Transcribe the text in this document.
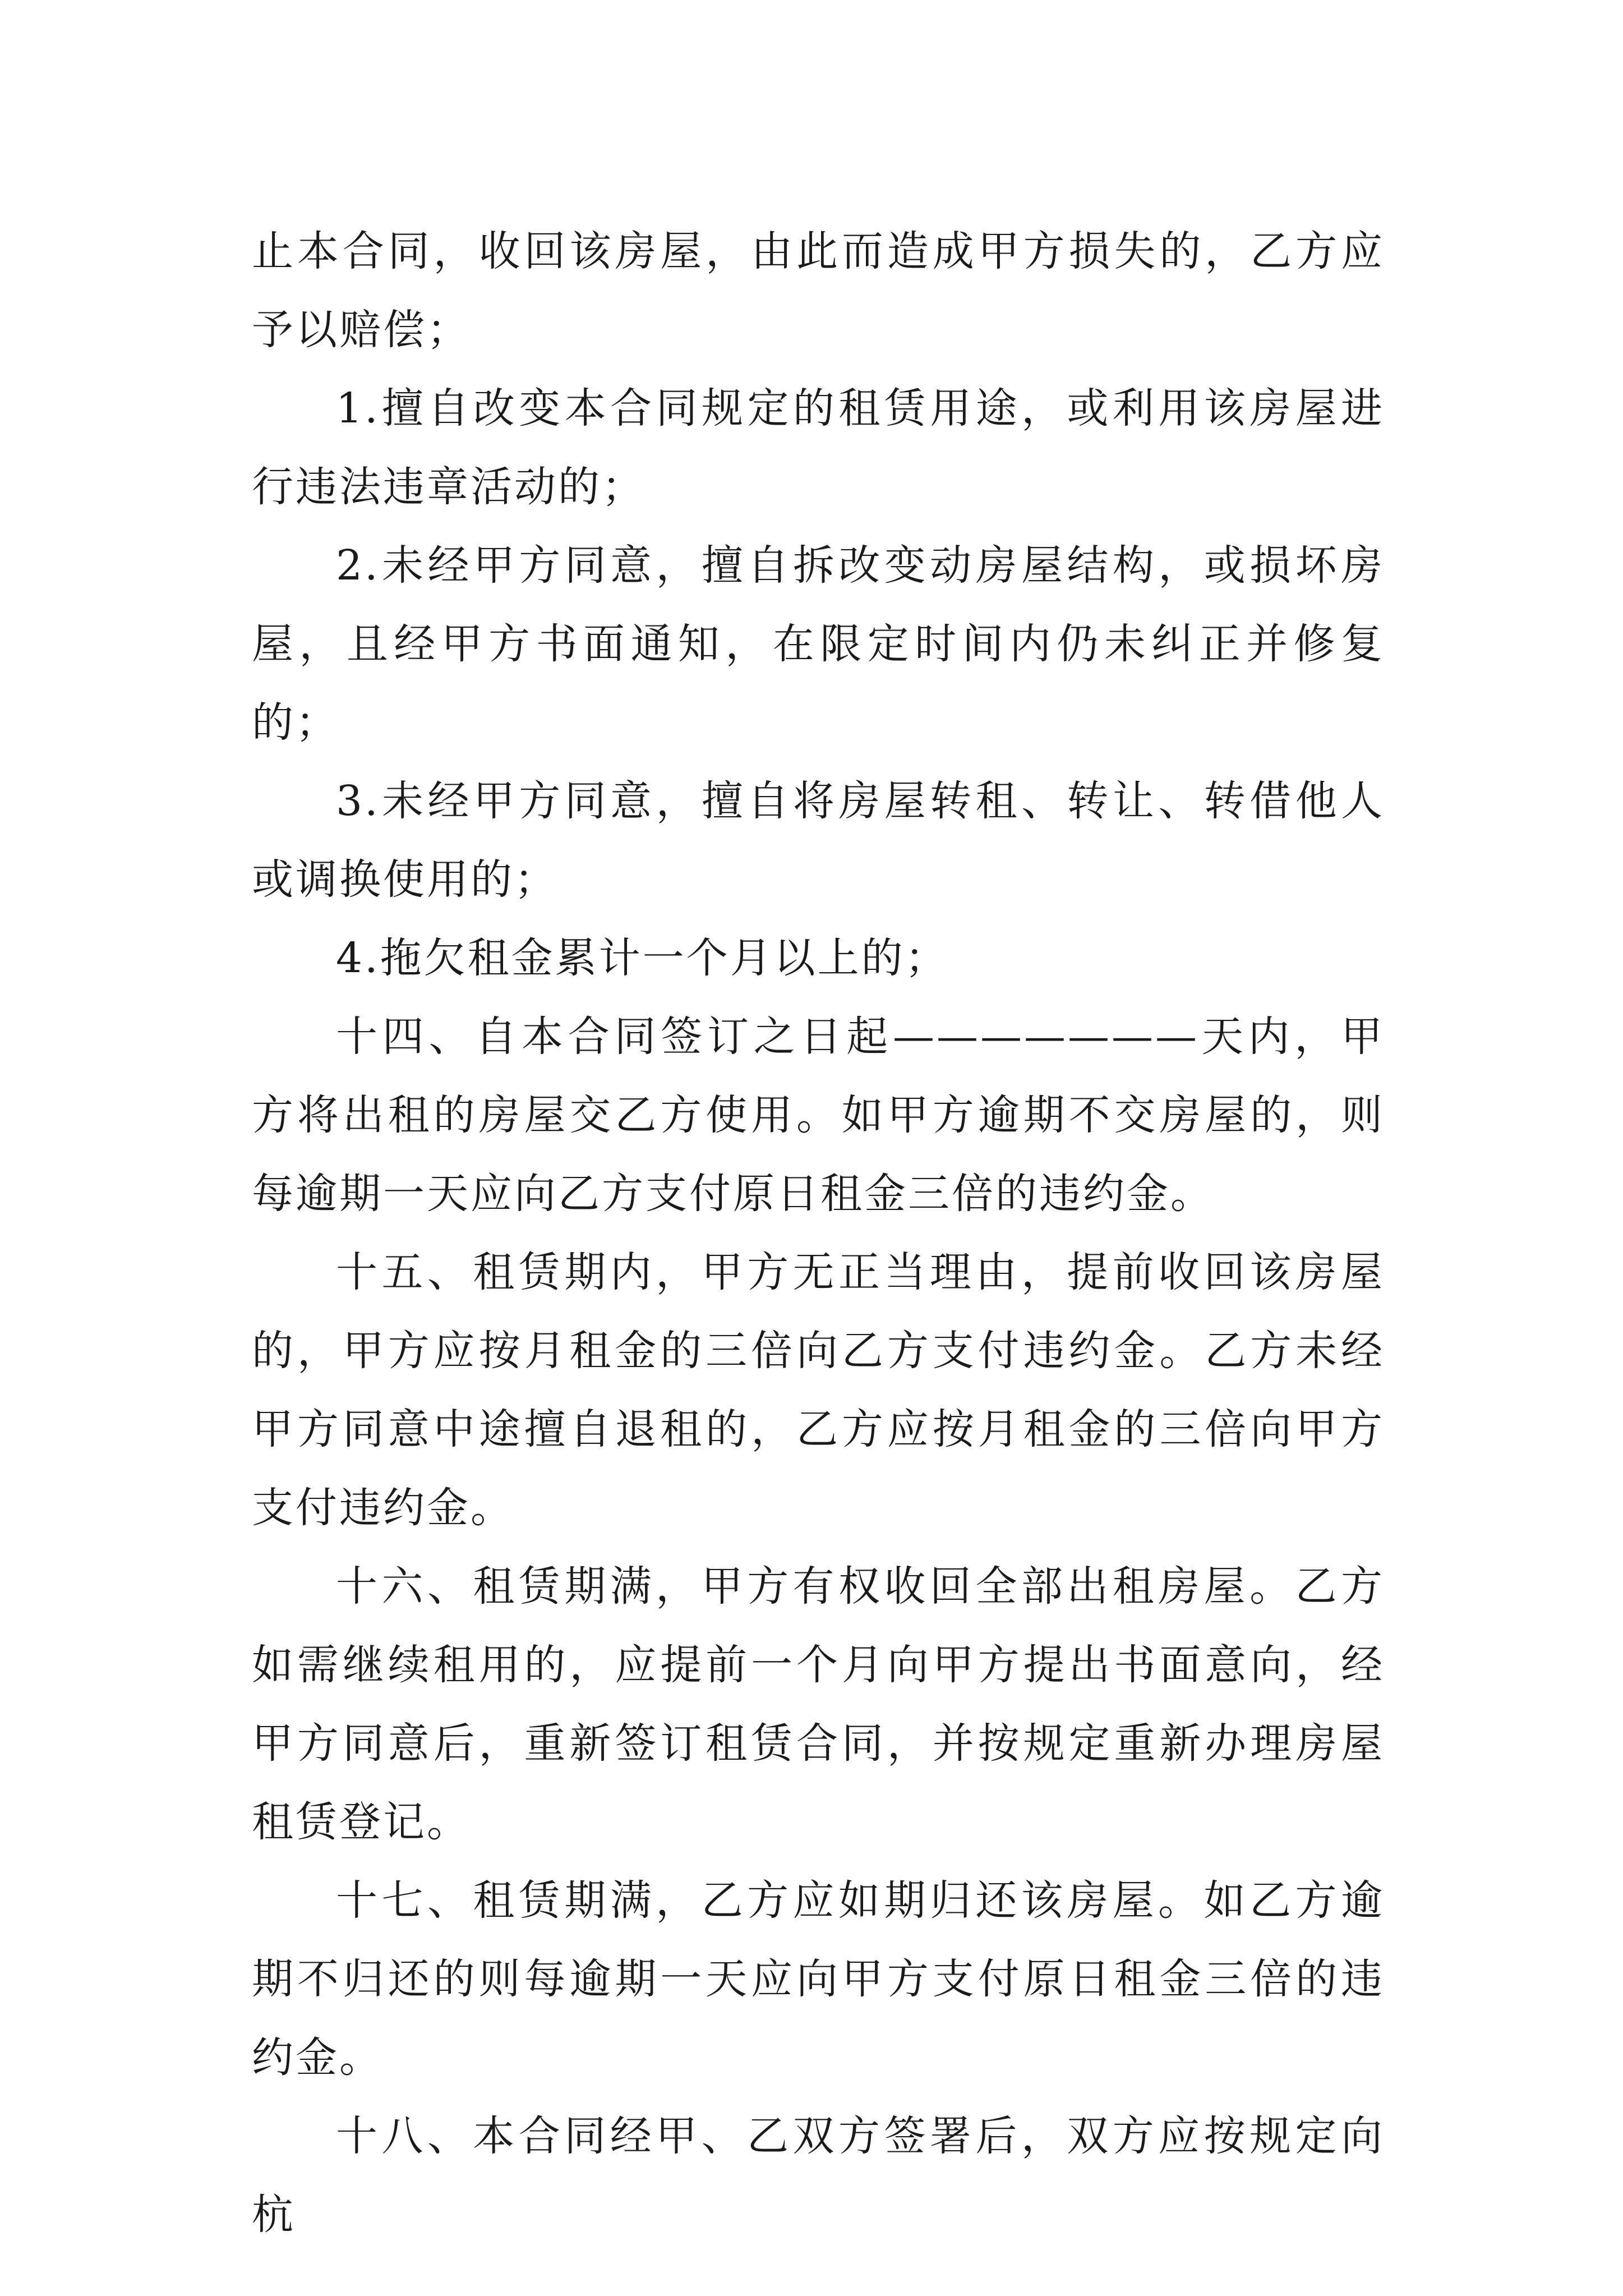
止本合同，收回该房屋，由此而造成甲方损失的，乙方应予以赔偿；

1.擅自改变本合同规定的租赁用途，或利用该房屋进行违法违章活动的；

2.未经甲方同意，擅自拆改变动房屋结构，或损坏房屋，且经甲方书面通知，在限定时间内仍未纠正并修复的；

3.未经甲方同意，擅自将房屋转租、转让、转借他人或调换使用的；

4.拖欠租金累计一个月以上的；

十四、自本合同签订之日起———————天内，甲方将出租的房屋交乙方使用。如甲方逾期不交房屋的，则每逾期一天应向乙方支付原日租金三倍的违约金。

十五、租赁期内，甲方无正当理由，提前收回该房屋的，甲方应按月租金的三倍向乙方支付违约金。乙方未经甲方同意中途擅自退租的，乙方应按月租金的三倍向甲方支付违约金。

十六、租赁期满，甲方有权收回全部出租房屋。乙方如需继续租用的，应提前一个月向甲方提出书面意向，经甲方同意后，重新签订租赁合同，并按规定重新办理房屋租赁登记。

十七、租赁期满，乙方应如期归还该房屋。如乙方逾期不归还的则每逾期一天应向甲方支付原日租金三倍的违约金。

十八、本合同经甲、乙双方签署后，双方应按规定向杭
